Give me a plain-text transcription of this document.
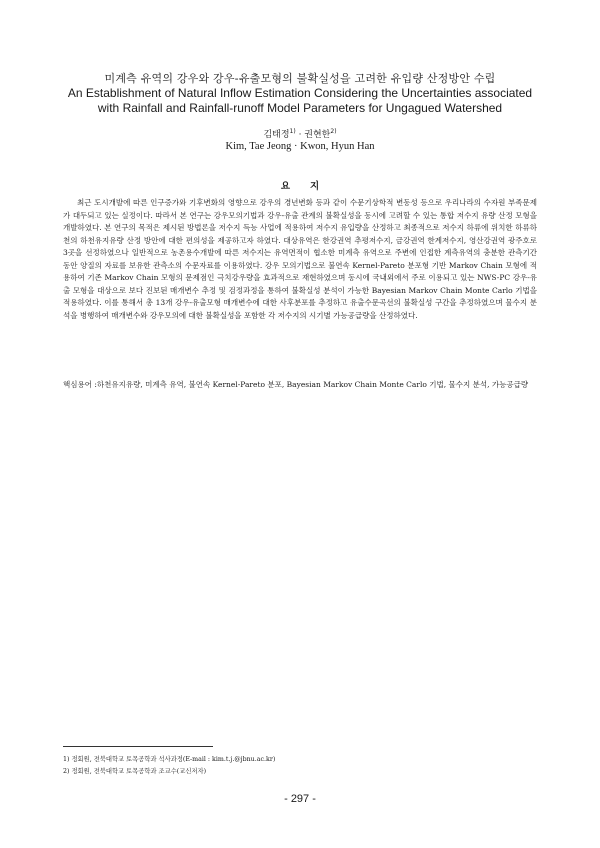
미계측 유역의 강우와 강우-유출모형의 불확실성을 고려한 유입량 산정방안 수립
An Establishment of Natural Inflow Estimation Considering the Uncertainties associated
with Rainfall and Rainfall-runoff Model Parameters for Ungagued Watershed
김태정$^{1)}$ · 권현한$^{2)}$
Kim, Tae Jeong · Kwon, Hyun Han
요지
최근 도시개발에 따른 인구증가와 기후변화의 영향으로 강우의 경년변화 등과 같이 수문기상학적 변동성 등으로 우리나라의 수자원 부족문제가 대두되고 있는 실정이다. 따라서 본 연구는 강우모의기법과 강우-유출 관계의 불확실성을 동시에 고려할 수 있는 통합 저수지 유량 산정 모형을 개발하였다. 본 연구의 목적은 제시된 방법론을 저수지 득능 사업에 적용하여 저수지 유입량을 산정하고 최종적으로 저수지 하류에 위치한 하류하천의 하천유지유량 산정 방안에 대한 편의성을 제공하고자 하였다. 대상유역은 한강권역 추평저수지, 금강권역 한계저수지, 영산강권역 광주호로 3곳을 선정하였으나 일반적으로 농촌용수개발에 따른 저수지는 유역면적이 협소한 미계측 유역으로 주변에 인접한 계측유역의 충분한 관측기간 동안 양질의 자료를 보유한 관측소의 수문자료를 이용하였다. 강우 모의기법으로 불연속 Kernel-Pareto 분포형 기반 Markov Chain 모형에 적용하여 기존 Markov Chain 모형의 문제점인 극치강우량을 효과적으로 재현하였으며 동시에 국내외에서 주로 이용되고 있는 NWS-PC 강우-유출 모형을 대상으로 보다 진보된 매개변수 추정 및 검정과정을 통하여 불확실성 분석이 가능한 Bayesian Markov Chain Monte Carlo 기법을 적용하였다. 이를 통해서 총 13개 강우-유출모형 매개변수에 대한 사후분포를 추정하고 유출수문곡선의 불확실성 구간을 추정하였으며 물수지 분석을 병행하여 매개변수와 강우모의에 대한 불확실성을 포함한 각 저수지의 시기별 가능공급량을 산정하였다.
핵심용어 : 하천유지유량, 미계측 유역, 불연속 Kernel-Pareto 분포, Bayesian Markov Chain Monte Carlo 기법, 물수지 분석, 가능공급량
1) 정회원, 전북대학교 토목공학과 석사과정(E-mail : kim.t.j.@jbnu.ac.kr)
2) 정회원, 전북대학교 토목공학과 조교수(교신저자)
- 297 -
